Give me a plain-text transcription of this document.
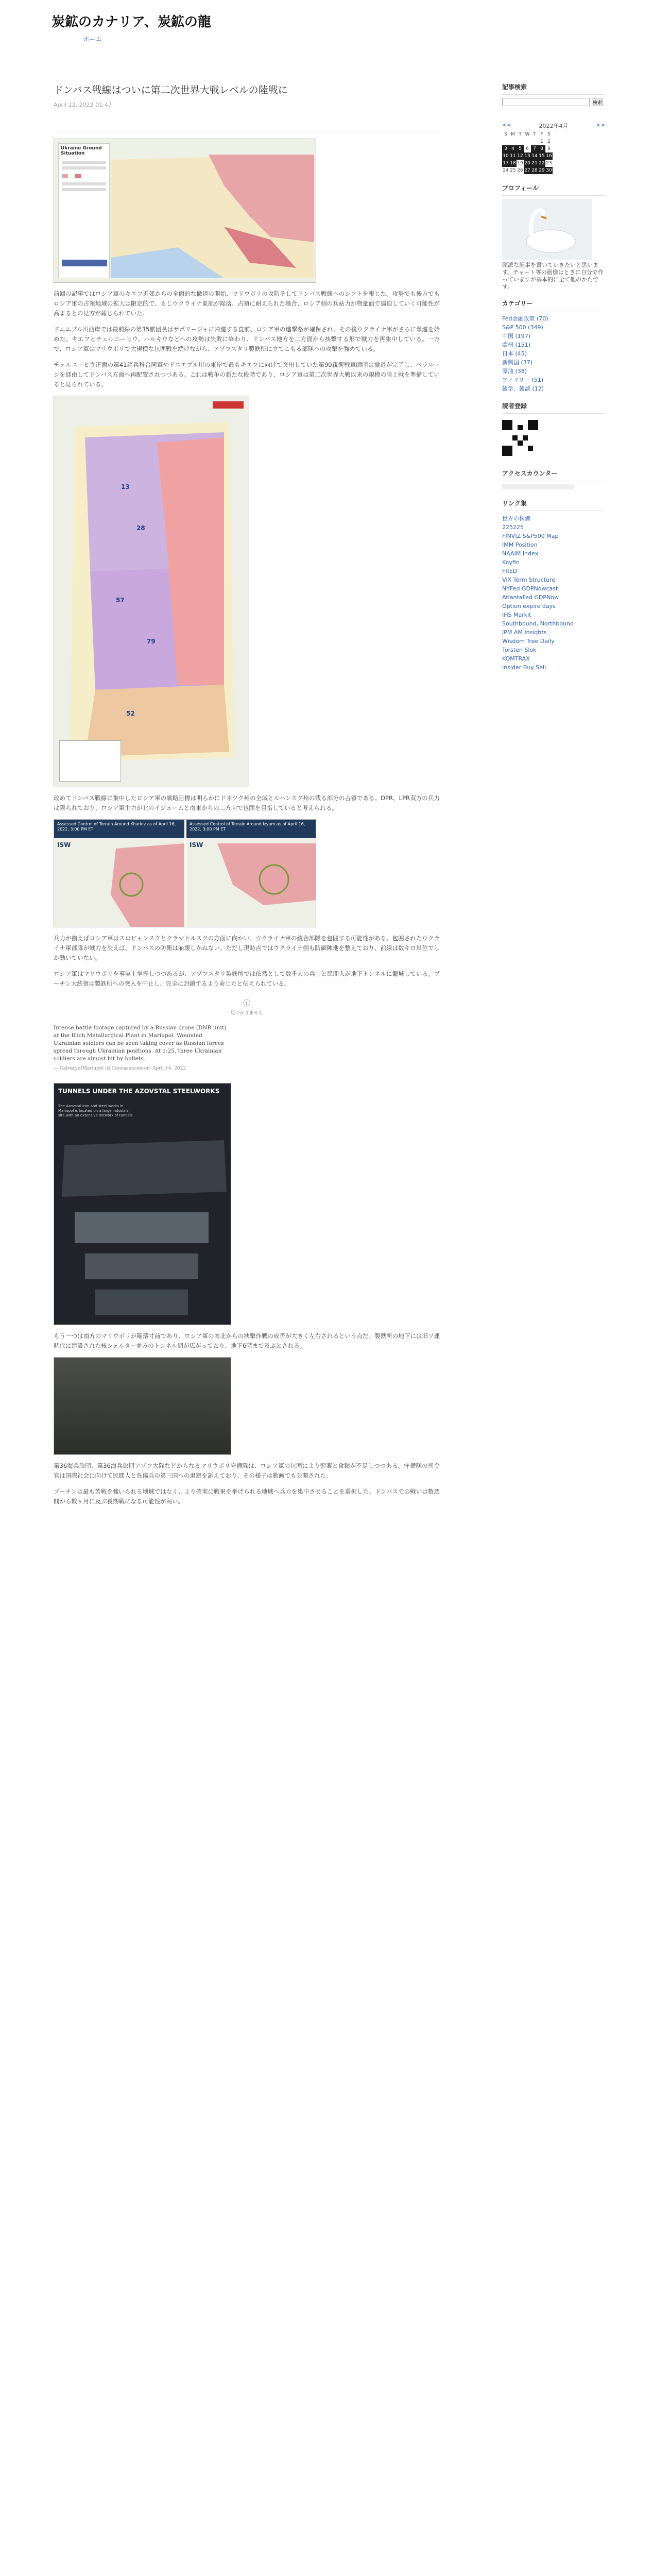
炭鉱のカナリア、炭鉱の龍
ホーム
ドンバス戦線はついに第二次世界大戦レベルの陸戦に
April 22, 2022 01:47
Ukraine Ground Situation

前回の記事ではロシア軍のキエフ近郊からの全面的な撤退の開始、マリウポリの攻防そしてドンバス戦線へのシフトを報じた。攻勢でも後方でもロシア軍の占領地域の拡大は限定的で、もしウクライナ東部が陥落、占領に耐えられた場合、ロシア側の兵站力が物量面で逼迫していく可能性が高まるとの見方が報じられていた。

ドニエプル川西岸では最前線の第35旅団長はザポリージャに帰還する直前、ロシア軍の進撃路が確保され、その後ウクライナ軍がさらに奪還を始めた。キエフとチェルニーヒウ、ハルキウなどへの攻勢は失敗に終わり、ドンバス地方を二方面から挟撃する形で戦力を再集中している。一方で、ロシア軍はマリウポリで大規模な包囲戦を続けながら、アゾフスタリ製鉄所に立てこもる部隊への攻撃を強めている。

チェルニーヒウ正面の第41諸兵科合同軍やドニエプル川の東岸で最もキエフに向けて突出していた第90親衛戦車師団は撤退が完了し、ベラルーシを経由してドンバス方面へ再配置されつつある。これは戦争の新たな段階であり、ロシア軍は第二次世界大戦以来の規模の陸上戦を準備していると見られている。

13
28
57
79
52

改めてドンバス戦線に集中したロシア軍の戦略目標は明らかにドネツク州の全域とルハンスク州の残る部分の占領である。DPR、LPR双方の兵力は限られており、ロシア軍主力が北のイジュームと南東からの二方向で包囲を目指していると考えられる。

Assessed Control of Terrain Around Kharkiv as of April 16, 2022, 3:00 PM ET
ISW
Assessed Control of Terrain Around Izyum as of April 16, 2022, 3:00 PM ET
ISW

兵力が揃えばロシア軍はスロビャンスクとクラマトルスクの方面に向かい、ウクライナ軍の統合部隊を包囲する可能性がある。包囲されたウクライナ軍部隊が戦力を失えば、ドンバスの防衛は崩壊しかねない。ただし現時点ではウクライナ側も防御陣地を整えており、前線は数キロ単位でしか動いていない。

ロシア軍はマリウポリを事実上掌握しつつあるが、アゾフスタリ製鉄所では依然として数千人の兵士と民間人が地下トンネルに籠城している。プーチン大統領は製鉄所への突入を中止し、完全に封鎖するよう命じたと伝えられている。

ⓘ
見つかりません
Intense battle footage captured by a Russian drone (DNR unit) at the Illich Metallurgical Plant in Mariupol. Wounded Ukrainian soldiers can be seen taking cover as Russian forces spread through Ukrainian positions. At 1:25, three Ukrainian soldiers are almost hit by bullets…
— CalvaryofMariupol (@Caucasuscenter) April 16, 2022
TUNNELS UNDER THE AZOVSTAL STEELWORKS
The Azovstal iron and steel works in Mariupol is located on a large industrial site with an extensive network of tunnels.

もう一つは南方のマリウポリが陥落寸前であり、ロシア軍の南北からの挟撃作戦の成否が大きく左右されるという点だ。製鉄所の地下には旧ソ連時代に建設された核シェルター並みのトンネル網が広がっており、地下6階まで及ぶとされる。

第36海兵旅団、第36海兵旅団アゾフ大隊などからなるマリウポリ守備隊は、ロシア軍の包囲により弾薬と食糧が不足しつつある。守備隊の司令官は国際社会に向けて民間人と負傷兵の第三国への退避を訴えており、その様子は動画でも公開された。

プーチンは最も苦戦を強いられる地域ではなく、より確実に戦果を挙げられる地域へ兵力を集中させることを選択した。ドンバスでの戦いは数週間から数ヶ月に及ぶ長期戦になる可能性が高い。

記事検索
検索
<<	2022年4月	>>
S	M	T	W	T	F	S
					1	2
3	4	5	6	7	8	9
10	11	12	13	14	15	16
17	18	19	20	21	22	23
24	25	26	27	28	29	30
プロフィール
硬派な記事を書いていきたいと思います。チャート等の画像はときに自分で作っていますが基本的に全て他のかたです。
カテゴリー
Fed金融政策 (70)
S&P 500 (349)
中国 (197)
欧州 (151)
日本 (45)
新興国 (37)
原油 (38)
アノマリー (51)
雑学、雑談 (12)
読者登録
アクセスカウンター
リンク集
世界の株価
225225
FINVIZ S&P500 Map
IMM Position
NAAIM Index
Koyfin
FRED
VIX Term Structure
NYFed GDPNowcast
AtlantaFed GDPNow
Option expire days
IHS Markit
Southbound, Northbound
JPM AM Insights
Wisdom Tree Daily
Torsten Slok
KOMTRAX
Insider Buy Sell
